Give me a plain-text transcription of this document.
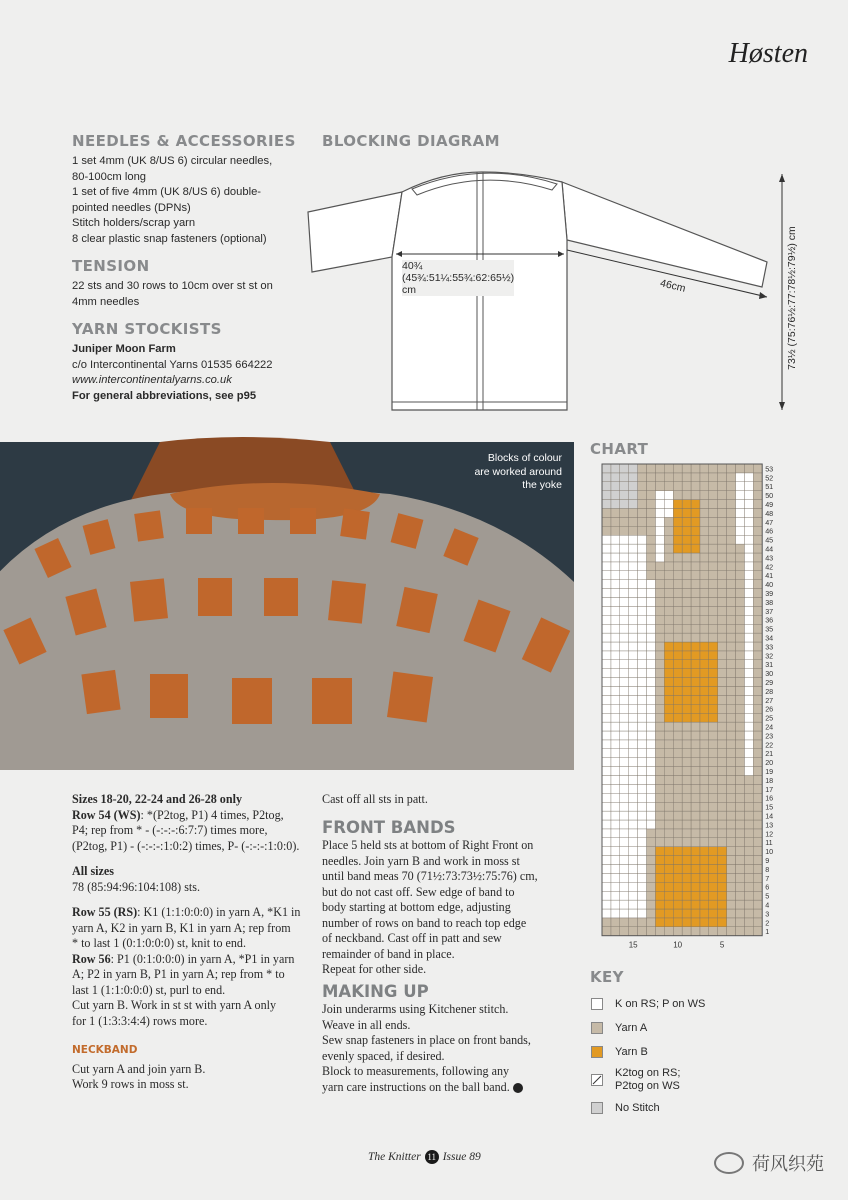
Høsten
NEEDLES & ACCESSORIES
1 set 4mm (UK 8/US 6) circular needles,
80-100cm long
1 set of five 4mm (UK 8/US 6) double-
pointed needles (DPNs)
Stitch holders/scrap yarn
8 clear plastic snap fasteners (optional)
TENSION
22 sts and 30 rows to 10cm over st st on
4mm needles
YARN STOCKISTS
Juniper Moon Farm
c/o Intercontinental Yarns 01535 664222
www.intercontinentalyarns.co.uk
For general abbreviations, see p95
BLOCKING DIAGRAM
40¾ (45¾:51¼:55¾:62:65½) cm	46cm	73½ (75:76½:77:78½:79½) cm
Blocks of colour
are worked around
the yoke
CHART
1
2
3
4
5
6
7
8
9
10
11
12
13
14
15
16
17
18
19
20
21
22
23
24
25
26
27
28
29
30
31
32
33
34
35
36
37
38
39
40
41
42
43
44
45
46
47
48
49
50
51
52
53
15	10	5
KEY
K on RS; P on WS
Yarn A
Yarn B
K2tog on RS;
P2tog on WS
No Stitch
Sizes 18-20, 22-24 and 26-28 only
Row 54 (WS): *(P2tog, P1) 4 times, P2tog,
P4; rep from * - (-:-:-:6:7:7) times more,
(P2tog, P1) - (-:-:-:1:0:2) times, P- (-:-:-:1:0:0).
All sizes
78 (85:94:96:104:108) sts.
Row 55 (RS): K1 (1:1:0:0:0) in yarn A, *K1 in
yarn A, K2 in yarn B, K1 in yarn A; rep from
* to last 1 (0:1:0:0:0) st, knit to end.
Row 56: P1 (0:1:0:0:0) in yarn A, *P1 in yarn
A; P2 in yarn B, P1 in yarn A; rep from * to
last 1 (1:1:0:0:0) st, purl to end.
Cut yarn B. Work in st st with yarn A only
for 1 (1:3:3:4:4) rows more.
NECKBAND
Cut yarn A and join yarn B.
Work 9 rows in moss st.
Cast off all sts in patt.
FRONT BANDS
Place 5 held sts at bottom of Right Front on
needles. Join yarn B and work in moss st
until band meas 70 (71½:73:73½:75:76) cm,
but do not cast off. Sew edge of band to
body starting at bottom edge, adjusting
number of rows on band to reach top edge
of neckband. Cast off in patt and sew
remainder of band in place.
Repeat for other side.
MAKING UP
Join underarms using Kitchener stitch.
Weave in all ends.
Sew snap fasteners in place on front bands,
evenly spaced, if desired.
Block to measurements, following any
yarn care instructions on the ball band.
The Knitter 11 Issue 89	荷风织苑
